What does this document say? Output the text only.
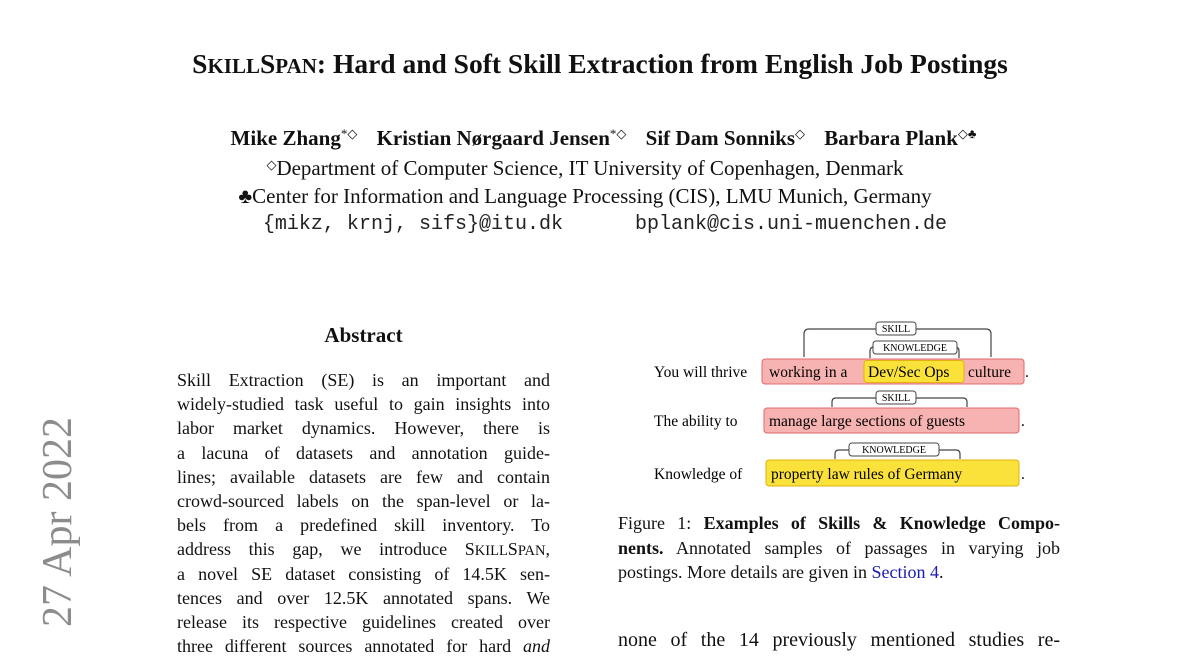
27 Apr 2022
SKILLSPAN: Hard and Soft Skill Extraction from English Job Postings
Mike Zhang*◇ Kristian Nørgaard Jensen*◇ Sif Dam Sonniks◇ Barbara Plank◇♣
◇Department of Computer Science, IT University of Copenhagen, Denmark
♣Center for Information and Language Processing (CIS), LMU Munich, Germany
{mikz, krnj, sifs}@itu.dk	bplank@cis.uni-muenchen.de
Abstract
Skill Extraction (SE) is an important and
widely-studied task useful to gain insights into
labor market dynamics. However, there is
a lacuna of datasets and annotation guide-
lines; available datasets are few and contain
crowd-sourced labels on the span-level or la-
bels from a predefined skill inventory. To
address this gap, we introduce SKILLSPAN,
a novel SE dataset consisting of 14.5K sen-
tences and over 12.5K annotated spans. We
release its respective guidelines created over
three different sources annotated for hard and
You will thrive working in a Dev/Sec Ops culture .
SKILL
KNOWLEDGE
The ability to manage large sections of guests	.
SKILL
Knowledge of property law rules of Germany	.
KNOWLEDGE
Figure 1: Examples of Skills & Knowledge Compo-
nents. Annotated samples of passages in varying job
postings. More details are given in Section 4.
none of the 14 previously mentioned studies re-
